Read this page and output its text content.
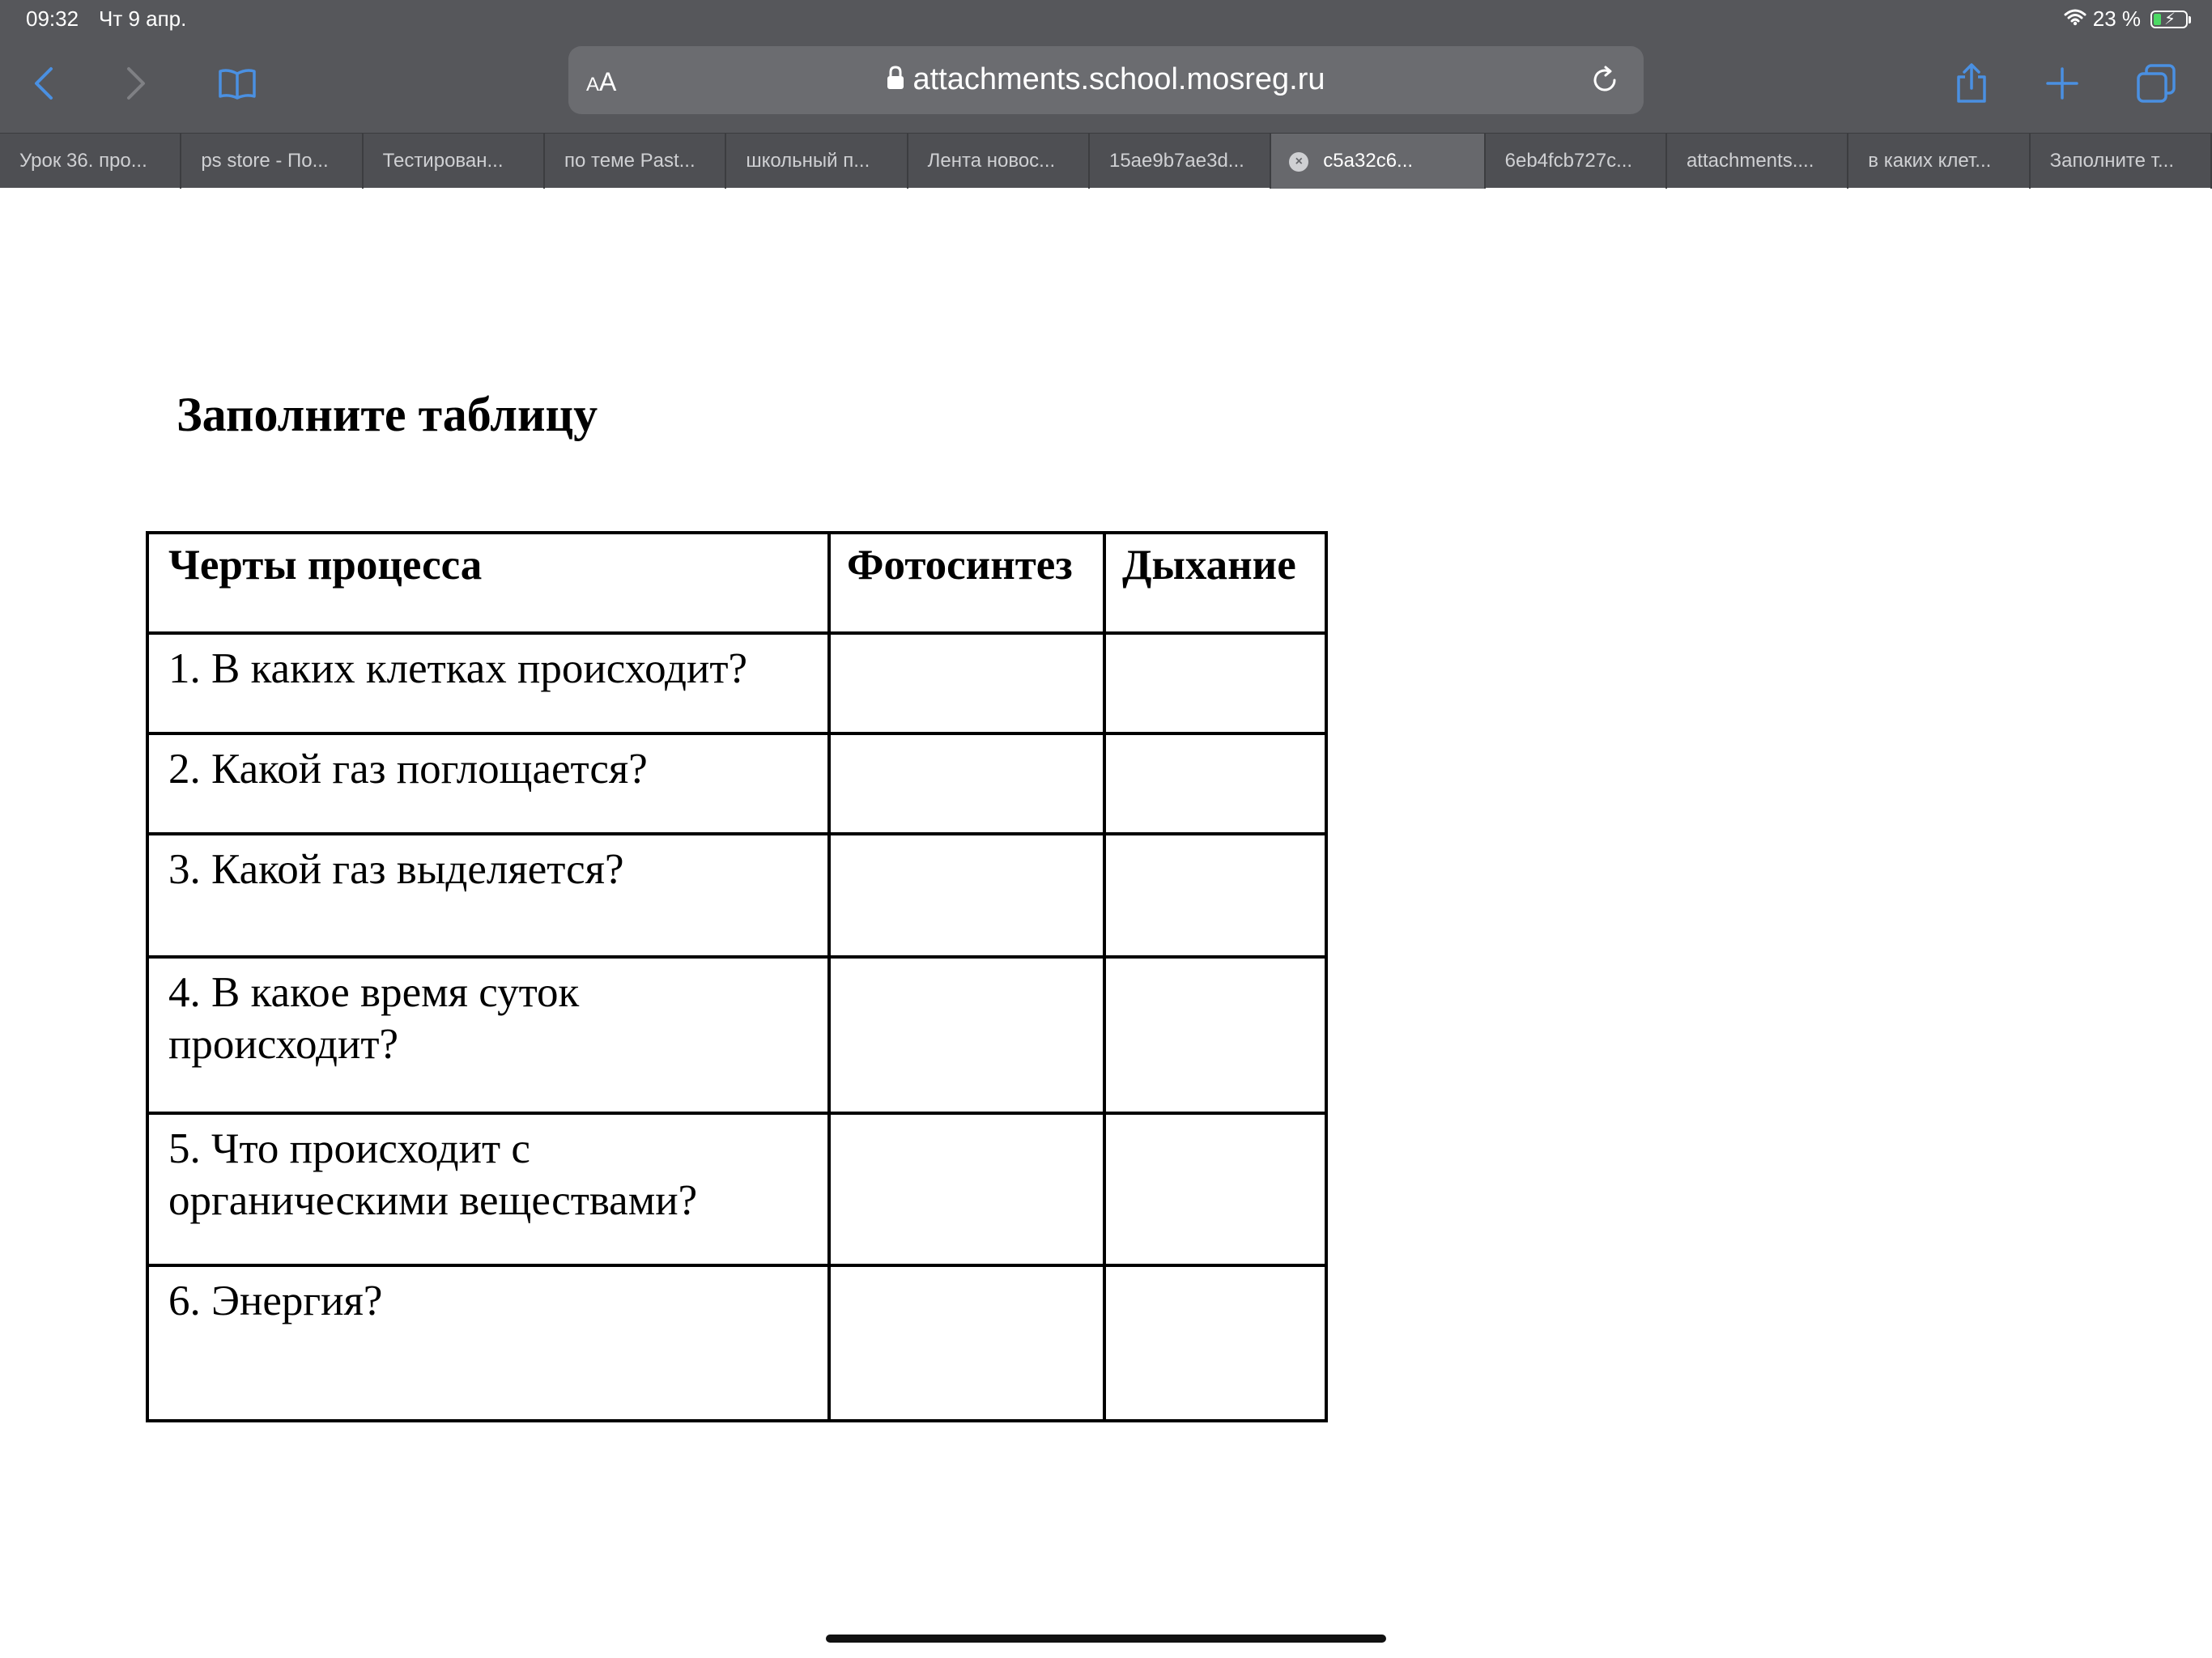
09:32 Чт 9 апр.	23 % ⚡
AA	attachments.school.mosreg.ru
Урок 36. про...	ps store - По...	Тестирован...	по теме Past...	школьный п...	Лента новос...	15ae9b7ae3d...	×	c5a32c6...	6eb4fcb727c...	attachments....	в каких клет...	Заполните т...
Заполните таблицу
Черты процесса	Фотосинтез	Дыхание
1. В каких клетках происходит?		
2. Какой газ поглощается?		
3. Какой газ выделяется?		
4. В какое время суток происходит?		
5. Что происходит с органическими веществами?		
6. Энергия?		
